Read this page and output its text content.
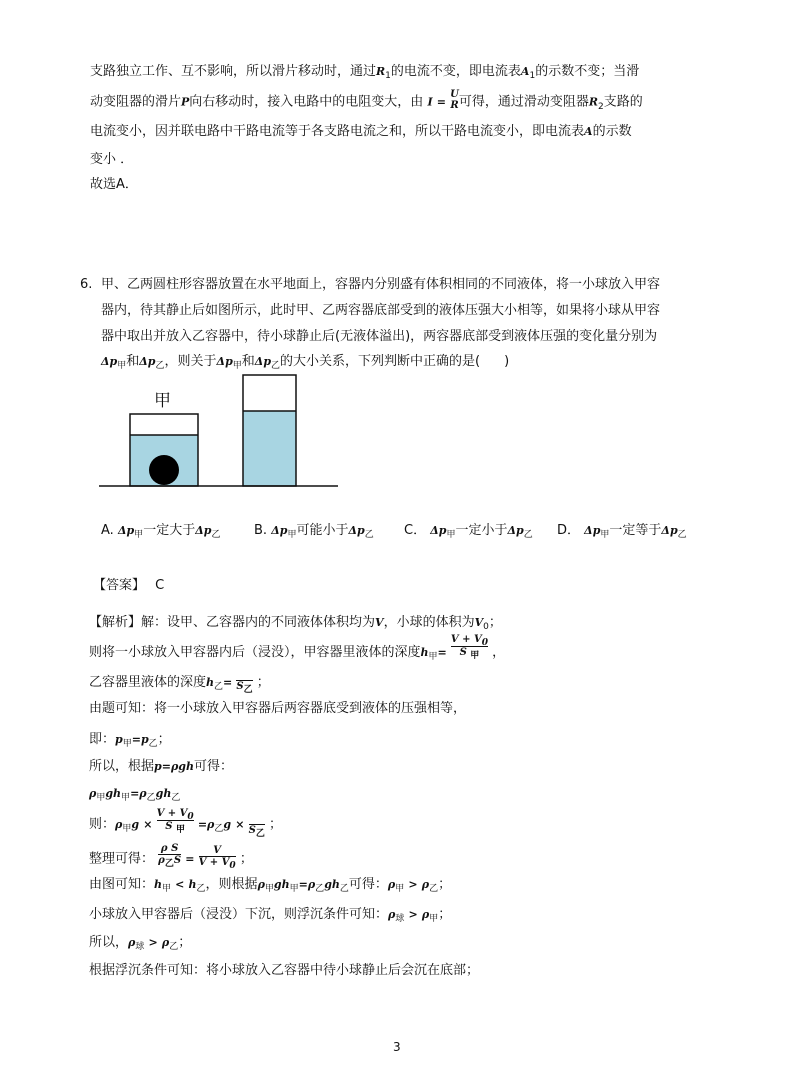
支路独立工作、互不影响，所以滑片移动时，通过$R_1$的电流不变，即电流表$A_1$的示数不变；当滑
动变阻器的滑片P向右移动时，接入电路中的电阻变大，由 I =
U
R 可得，通过滑动变阻器$R_2$支路的
电流变小，因并联电路中干路电流等于各支路电流之和，所以干路电流变小，即电流表A的示数
变小 ．
故选A．
6. 甲、乙两圆柱形容器放置在水平地面上，容器内分别盛有体积相同的不同液体，将一小球放入甲容
器内，待其静止后如图所示，此时甲、乙两容器底部受到的液体压强大小相等，如果将小球从甲容
器中取出并放入乙容器中，待小球静止后(无液体溢出)，两容器底部受到液体压强的变化量分别为
$\Delta p_甲$和$\Delta p_乙$，则关于$\Delta p_甲$和$\Delta p_乙$的大小关系，下列判断中正确的是( )
甲
A. $\Delta p_甲$一定大于$\Delta p_乙$	B. $\Delta p_甲$可能小于$\Delta p_乙$ C． $\Delta p_甲$一定小于$\Delta p_乙$ D． $\Delta p_甲$一定等于$\Delta p_乙$
【答案】 C
【解析】解：设甲、乙容器内的不同液体体积均为V，小球的体积为$V_0$；
则将一小球放入甲容器内后（浸没），甲容器里液体的深度$h_甲= \frac{V + V0}{\text{S 甲}}$ ，
乙容器里液体的深度$h_乙= S$乙 ；
由题可知：将一小球放入甲容器后两容器底受到液体的压强相等，
即：$p_甲=p_乙$；
所以，根据p=ρgh可得：
$\rho_甲gh_甲=\rho_乙gh_乙$
则：$\rho_甲g \times \frac{V + V0}{\text{S 甲}} =\rho_乙g \times S$乙
；
整理可得： $\frac{\text{ρ S}}{\text{ρ乙S}} = \frac{V}{V + V0}$ ；
由图可知：$h_甲 < h_乙$，则根据$\rho_甲gh_甲=\rho_乙gh_乙$可得：$\rho_甲 > \rho_乙$；
小球放入甲容器后（浸没）下沉，则浮沉条件可知：$\rho_球 > \rho_甲$；
所以，$\rho_球 > \rho_乙$；
根据浮沉条件可知：将小球放入乙容器中待小球静止后会沉在底部；
3
